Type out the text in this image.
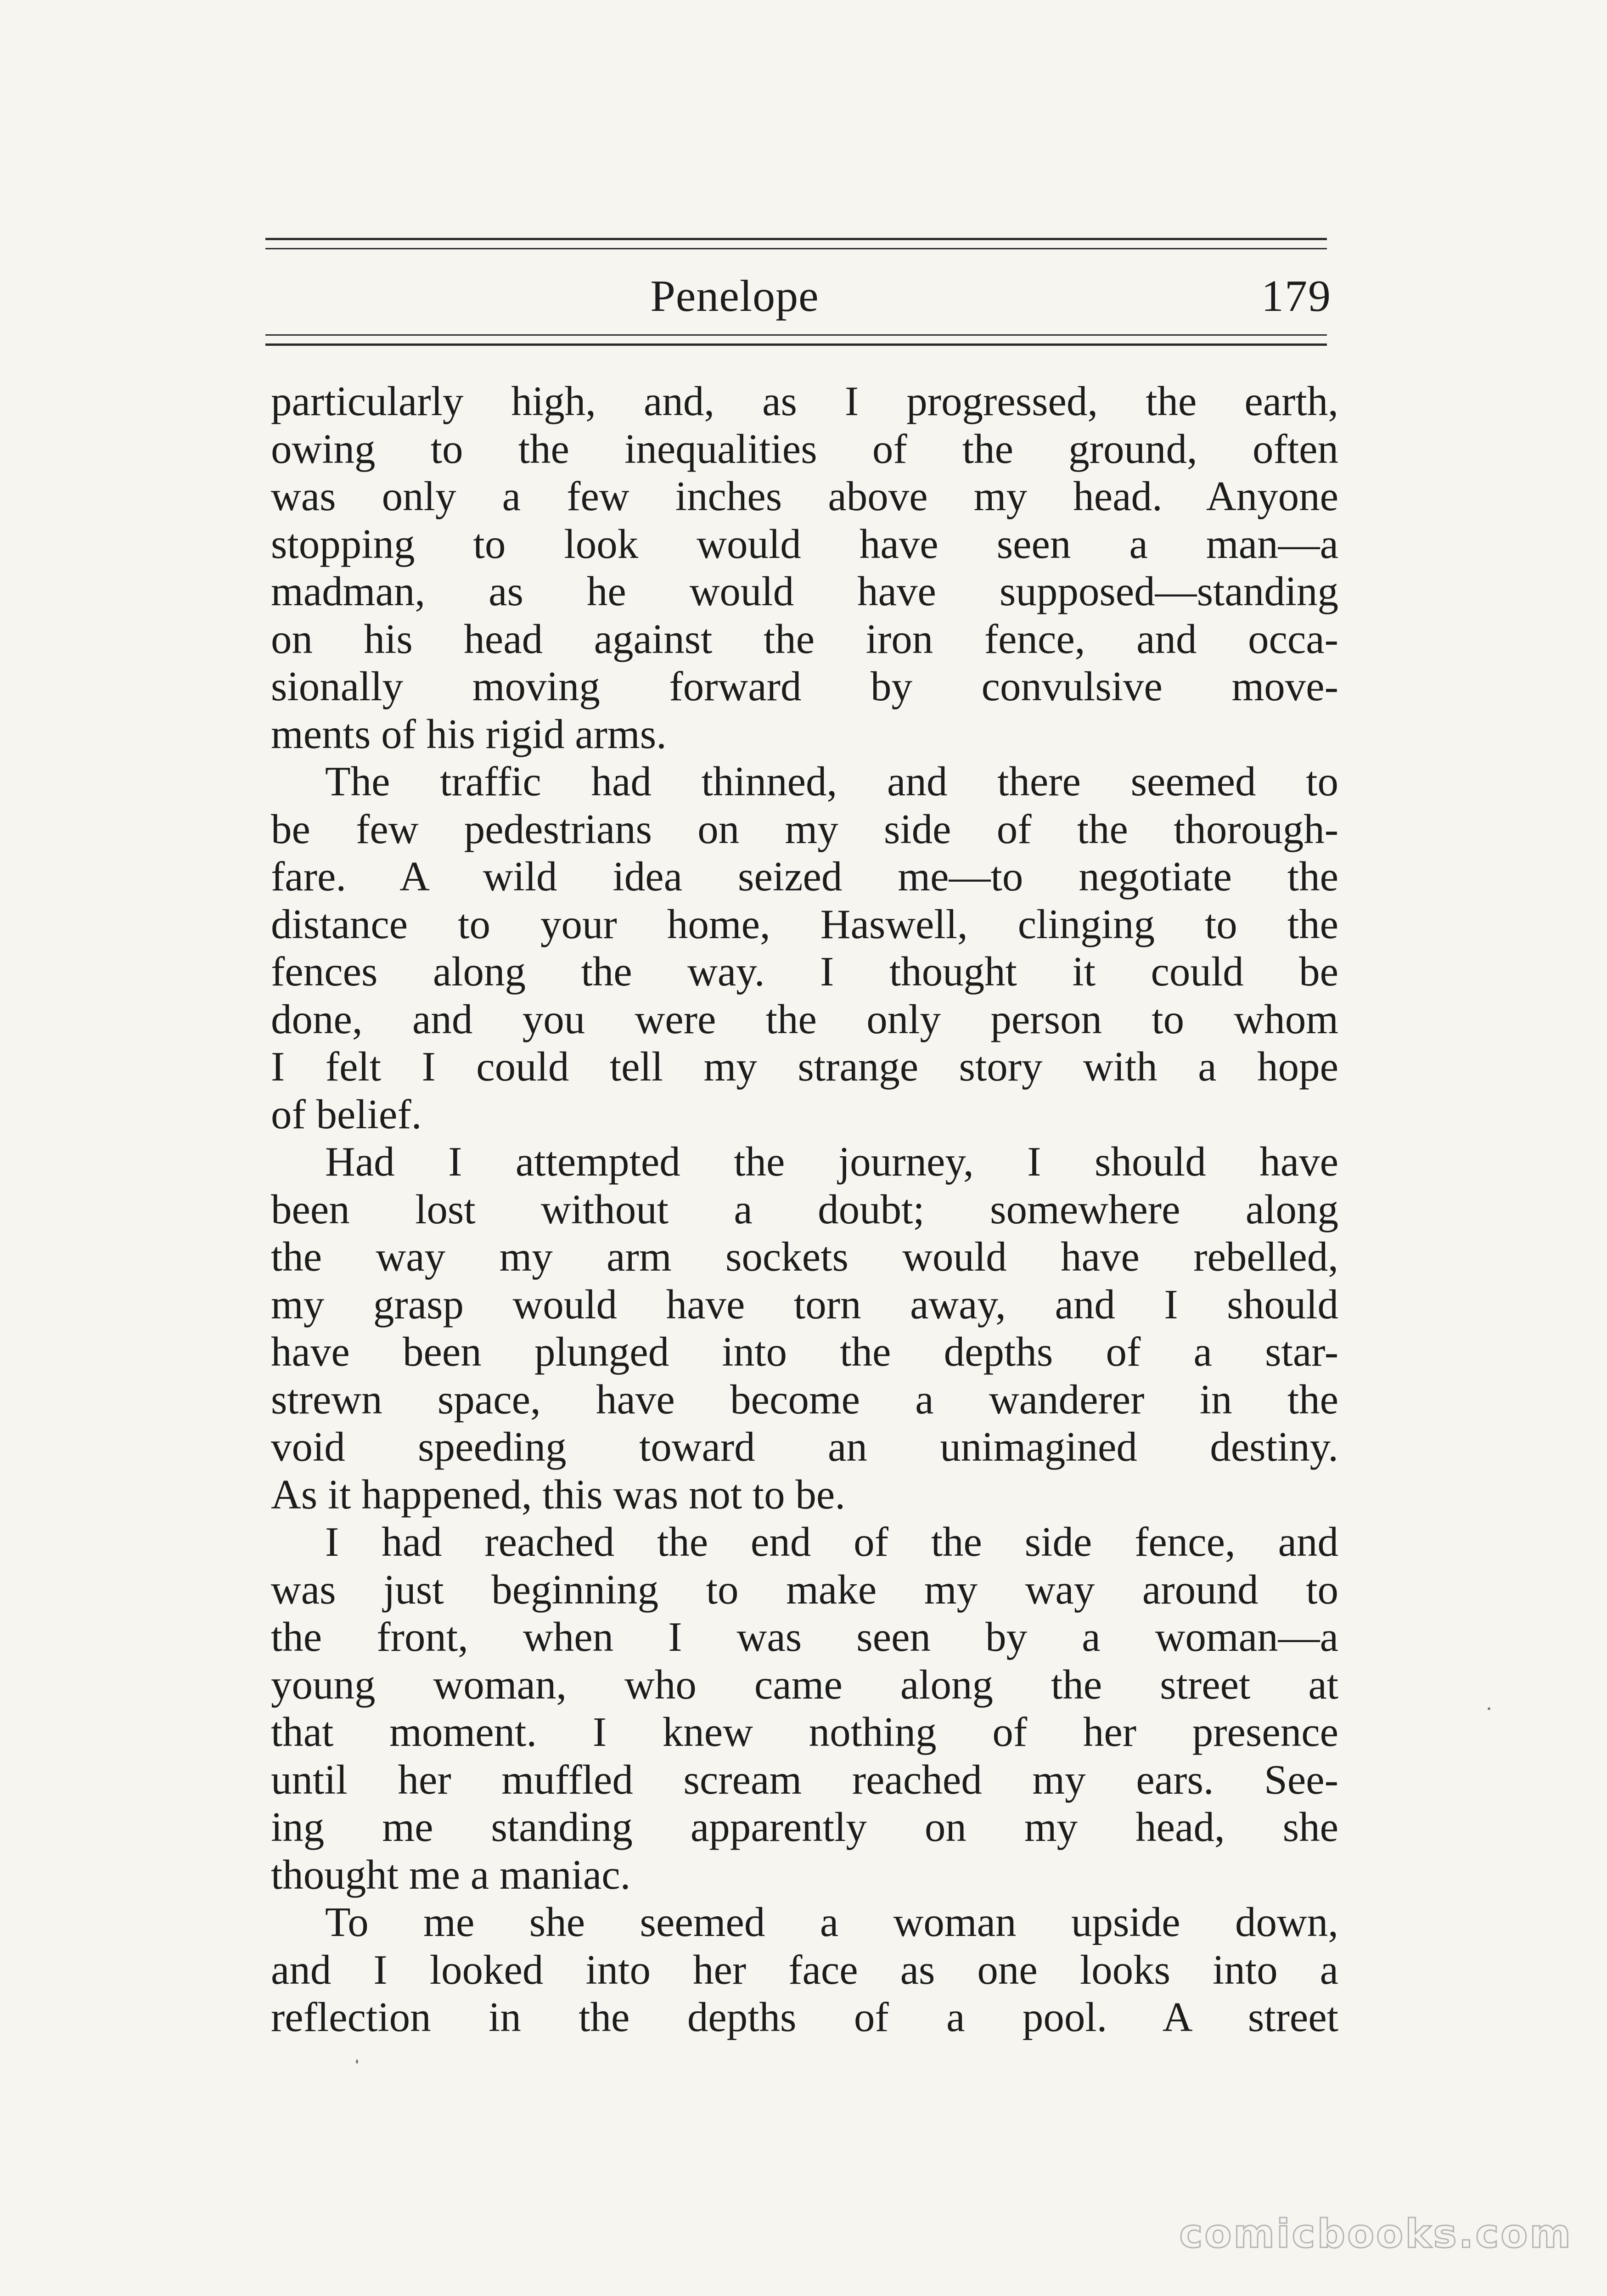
Penelope	179
particularly high, and, as I progressed, the earth,
owing to the inequalities of the ground, often
was only a few inches above my head. Anyone
stopping to look would have seen a man—a
madman, as he would have supposed—standing
on his head against the iron fence, and occa-
sionally moving forward by convulsive move-
ments of his rigid arms.
The traffic had thinned, and there seemed to
be few pedestrians on my side of the thorough-
fare. A wild idea seized me—to negotiate the
distance to your home, Haswell, clinging to the
fences along the way. I thought it could be
done, and you were the only person to whom
I felt I could tell my strange story with a hope
of belief.
Had I attempted the journey, I should have
been lost without a doubt; somewhere along
the way my arm sockets would have rebelled,
my grasp would have torn away, and I should
have been plunged into the depths of a star-
strewn space, have become a wanderer in the
void speeding toward an unimagined destiny.
As it happened, this was not to be.
I had reached the end of the side fence, and
was just beginning to make my way around to
the front, when I was seen by a woman—a
young woman, who came along the street at
that moment. I knew nothing of her presence
until her muffled scream reached my ears. See-
ing me standing apparently on my head, she
thought me a maniac.
To me she seemed a woman upside down,
and I looked into her face as one looks into a
reflection in the depths of a pool. A street
comicbooks.com
